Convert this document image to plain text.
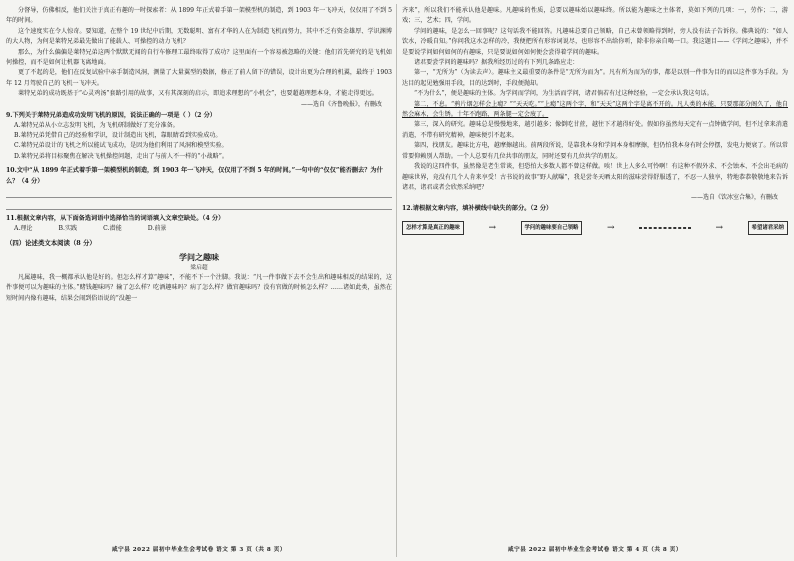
分督导，仿佛相反，他们关注于真正有趣的一时探索者：从 1899 年正式着手第一架模型机的制造，到 1903 年一飞冲天，仅仅用了不到 5 年的时间。

这个速度实在令人惊奇。要知道，在整个 19 世纪中后期，无数聪明、富有才华的人在为制造飞机而努力，其中不乏有资金雄厚、学识渊博的大人物，为何是莱特兄弟最先做出了能载人、可操控的动力飞机？

那么，为什么偏偏是莱特兄弟这两个默默无闻的自行车修理工最终取得了成功？这里面有一个容易被忽略的关键：他们首先研究的是飞机如何操控，而不是如何让机器飞离地面。

更了不起的是，他们在反复试验中亲手制造风洞，测量了大量翼型的数据，修正了前人留下的错误，设计出更为合理的机翼，最终于 1903 年 12 月驾驶自己的飞机一飞冲天。

莱特兄弟的成功既基于“心灵鸡汤”套路引用的故事，又有其深刻的启示，即追求理想的“小机会”，也要超越理想本身，才能走得更远。

——选自《齐鲁晚报》，有删改

9.下列关于莱特兄弟造成功发明飞机的原因，说法正确的一项是（ ）（2 分）

A.莱特兄弟从小立志发明飞机，为飞机研制做好了充分准备。

B.莱特兄弟凭借自己的经验和学识，设计制造出飞机，靠眼睛看到实验成功。

C.莱特兄弟设计的飞机之所以能试飞成功，是因为他们利用了风洞和模型实验。

D.莱特兄弟将目标聚焦在解决飞机操控问题，走出了与前人不一样的“小战略”。

10.文中“从 1899 年正式着手第一架模型机的制造，到 1903 年一飞冲天，仅仅用了不到 5 年的时间。”一句中的“仅仅”能否删去？为什么？（4 分）

11.根据文章内容，从下面备选词语中选择恰当的词语填入文章空缺处。（4 分）

A.理论	B.实践	C.潜能	D.前景

（四）论述类文本阅读（8 分）

学问之趣味

梁启超

凡属趣味，我一概都承认他是好的。但怎么样才算“趣味”，不能不下一个注脚。我说：“凡一件事做下去不会生出和趣味相反的结果的，这件事便可以为趣味的主体。”赌钱趣味吗？输了怎么样？吃酒趣味吗？病了怎么样？做官趣味吗？没有官做的时候怎么样？……诸如此类，虽然在短时间内像有趣味，结果会闹到俗语说的“没趣一

咸宁县 2022 届初中毕业生会考试卷 语文 第 3 页（共 8 页）

齐来”，所以我们不能承认他是趣味。凡趣味的性质，总要以趣味始以趣味终。所以能为趣味之主体者，莫如下列的几项：一，劳作；二，游戏；三，艺术；四，学问。

学问的趣味，是怎么一回事呢？这句话我不能回答。凡趣味总要自己领略，自己未曾领略得到时，旁人没有法子告诉你。佛典说的：“如人饮水，冷暖自知。”你问我这水怎样的冷，我便把所有形容词说尽，也形容不出给你听，除非你亲自喝一口。我这题目——《学问之趣味》，并不是要说学问如何如何的有趣味，只是要说如何如何便会尝得着学问的趣味。

诸君要尝学问的趣味吗？据我所经历过的有下列几条路应走：

第一，“无所为”（为读去声）。趣味主义最重要的条件是“无所为而为”。凡有所为而为的事，都是以别一件事为目的而以这件事为手段。为达目的起见勉强用手段，目的达到时，手段便抛却。

“不为什么”，便是趣味的主体。为学问而学问，为生活而学问，诸君倘若有过这种经验，一定会承认我这句话。

第二，不息。“鸦片烟怎样会上瘾？”“天天吃。”“上瘾”这两个字，和“天天”这两个字是离不开的。凡人类的本能，只要那部分阁久了，他自然会麻木，会生锈。十年不跑路，两条腿一定会废了。

第三，深入的研究。趣味总是慢慢地来，越引越多；像倒吃甘蔗，越往下才越得好处。假如你虽然每天定有一点钟做学问，但不过拿来消遣消遣，不带有研究精神，趣味便引不起来。

第四，找朋友。趣味比方电，越摩擦越出。前两段所说，是靠我本身和学问本身相摩擦，但仍怕我本身有时会停摆，发电力便衰了。所以常常要仰赖别人帮助。一个人总要有几位共事的朋友，同时还要有几位共学的朋友。

我说的这四件事，虽然像是老生常谈，但恐怕大多数人都不曾这样做。唉！世上人多么可怜啊！有这种不假外求、不会蚀本、不会出毛病的趣味世界，竟没有几个人肯来享受！古书说的故事“野人献曝”，我是尝冬天晒太阳的滋味尝得舒服透了，不忍一人独享，特地恭恭敬敬地来告诉诸君，诸君或者会欣然采纳吧？

——选自《饮冰室合集》，有删改

12.请根据文章内容，填补横线中缺失的部分。（2 分）

怎样才算是真正的趣味	→	学问的趣味要自己领略	→	→	希望诸君采纳
咸宁县 2022 届初中毕业生会考试卷 语文 第 4 页（共 8 页）
